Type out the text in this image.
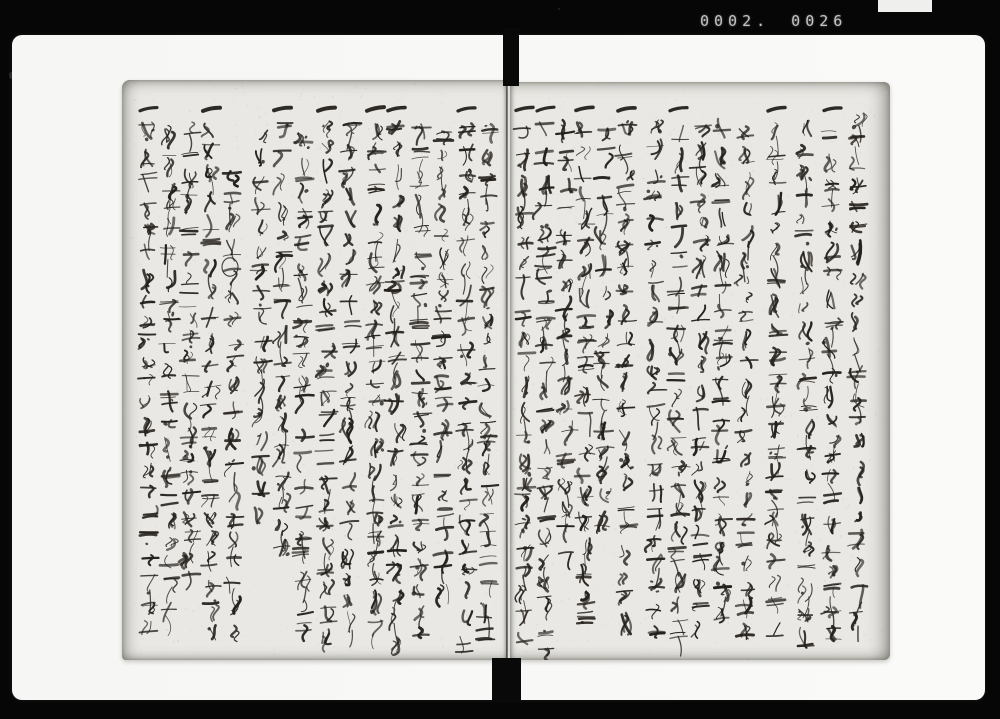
0002. 0026
